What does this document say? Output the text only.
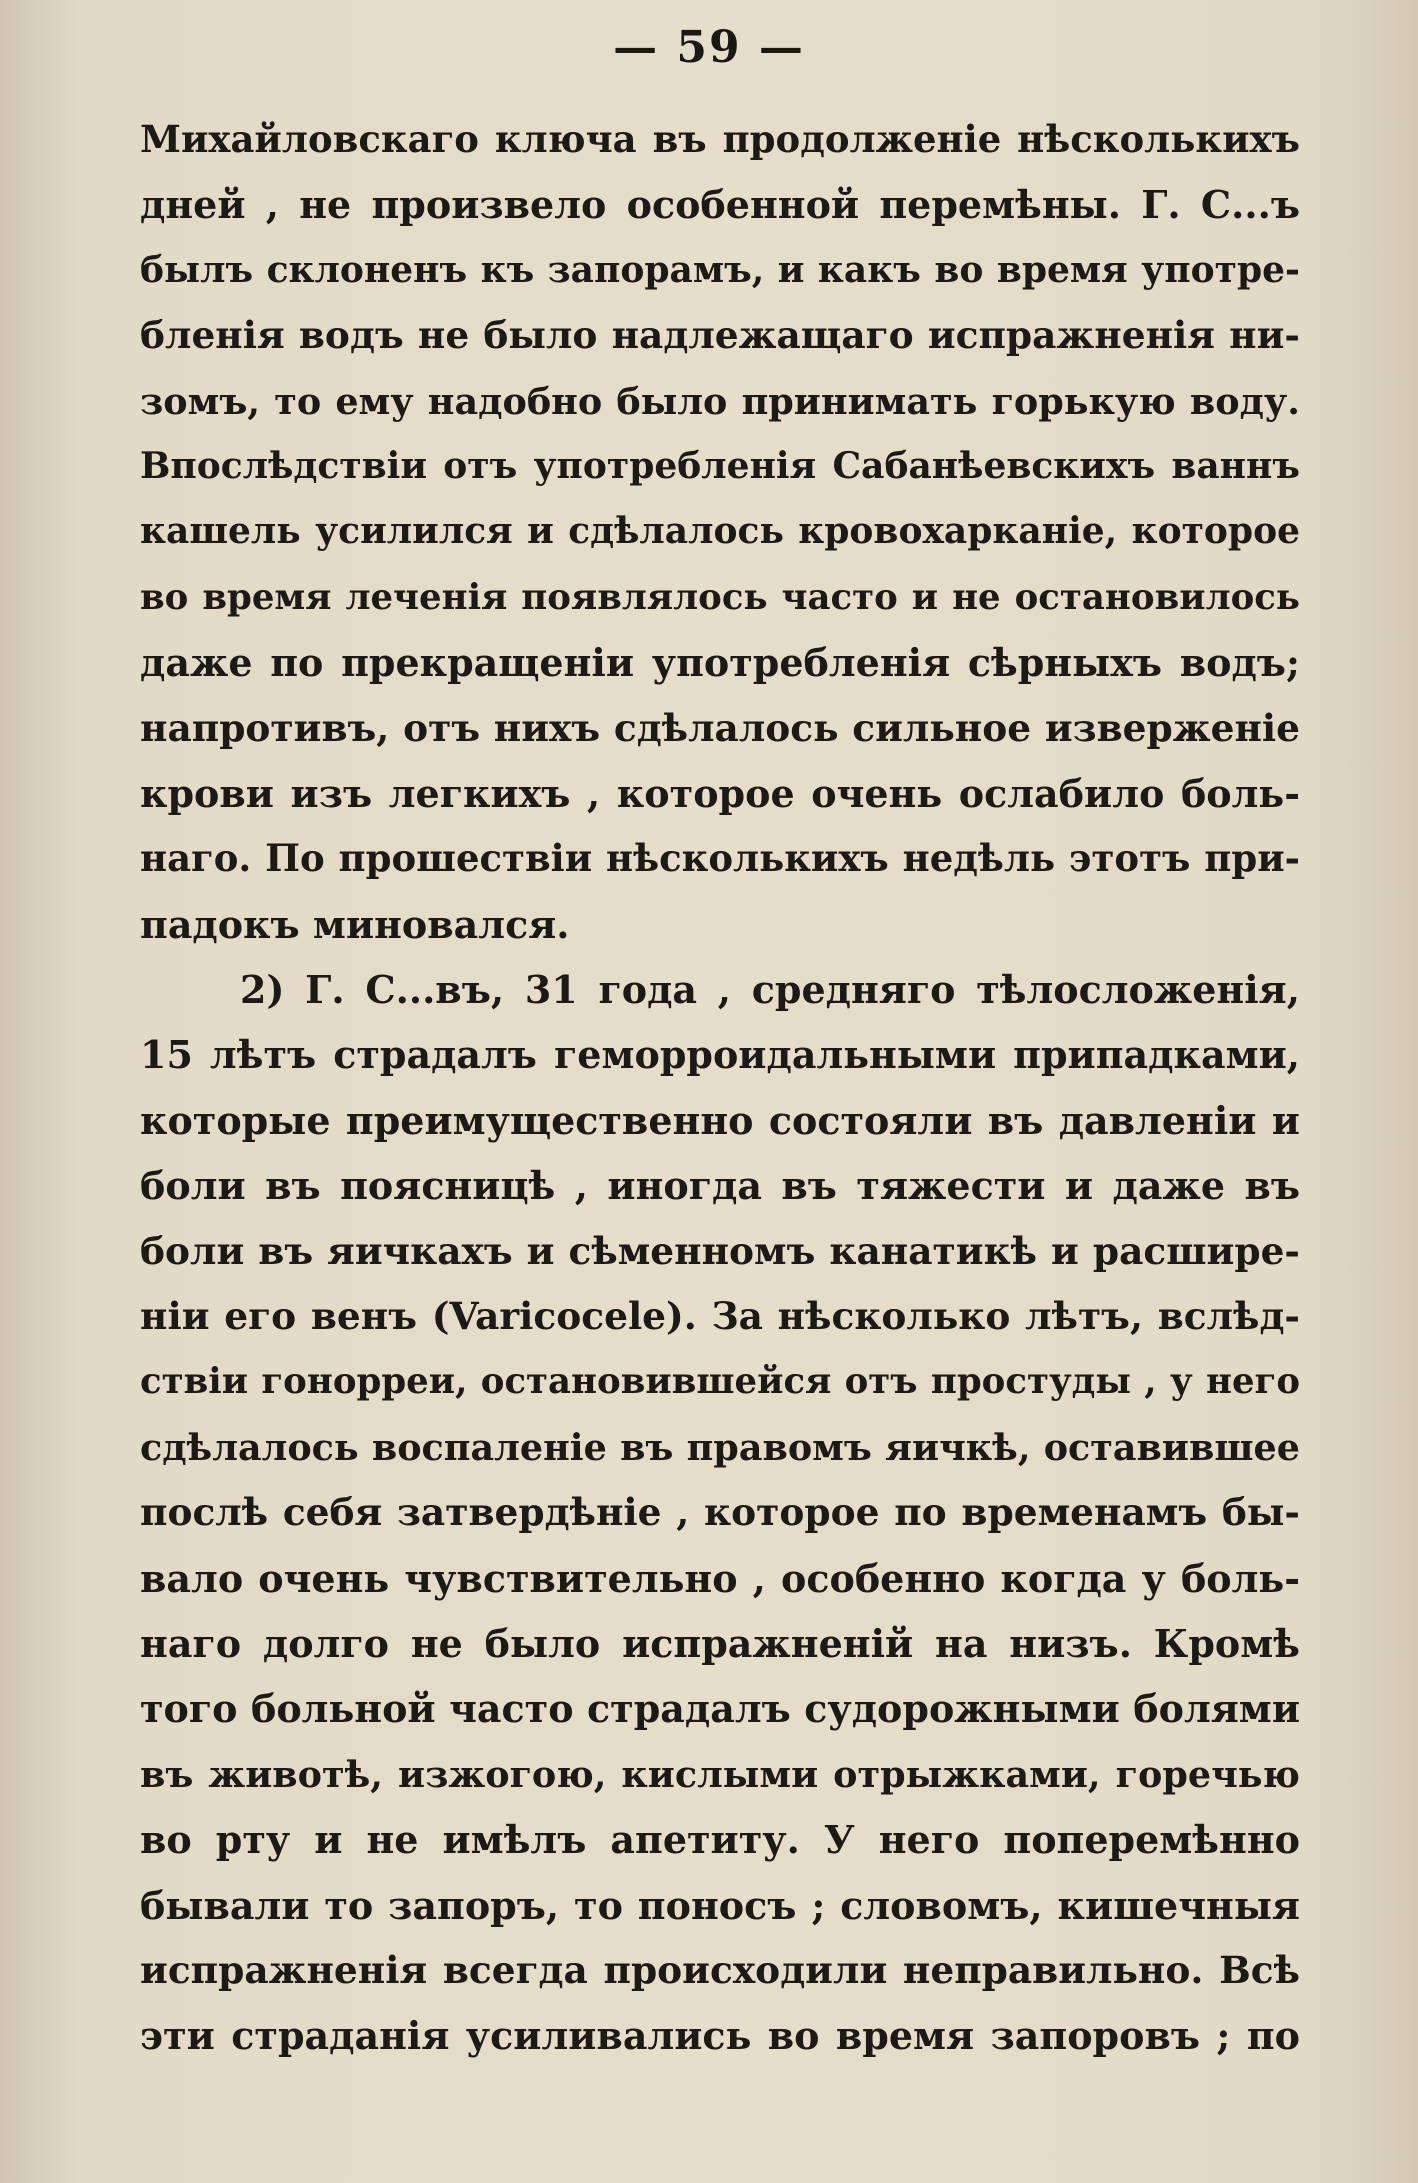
— 59 —
Михайловскаго ключа въ продолженіе нѣсколькихъ
дней , не произвело особенной перемѣны. Г. С...ъ
былъ склоненъ къ запорамъ, и какъ во время употре-
бленія водъ не было надлежащаго испражненія ни-
зомъ, то ему надобно было принимать горькую воду.
Впослѣдствіи отъ употребленія Сабанѣевскихъ ваннъ
кашель усилился и сдѣлалось кровохарканіе, которое
во время леченія появлялось часто и не остановилось
даже по прекращеніи употребленія сѣрныхъ водъ;
напротивъ, отъ нихъ сдѣлалось сильное изверженіе
крови изъ легкихъ , которое очень ослабило боль-
наго. По прошествіи нѣсколькихъ недѣль этотъ при-
падокъ миновался.
2) Г. С...въ, 31 года , средняго тѣлосложенія,
15 лѣтъ страдалъ геморроидальными припадками,
которые преимущественно состояли въ давленіи и
боли въ поясницѣ , иногда въ тяжести и даже въ
боли въ яичкахъ и сѣменномъ канатикѣ и расшире-
ніи его венъ (Varicocele). За нѣсколько лѣтъ, вслѣд-
ствіи гонорреи, остановившейся отъ простуды , у него
сдѣлалось воспаленіе въ правомъ яичкѣ, оставившее
послѣ себя затвердѣніе , которое по временамъ бы-
вало очень чувствительно , особенно когда у боль-
наго долго не было испражненій на низъ. Кромѣ
того больной часто страдалъ судорожными болями
въ животѣ, изжогою, кислыми отрыжками, горечью
во рту и не имѣлъ апетиту. У него поперемѣнно
бывали то запоръ, то поносъ ; словомъ, кишечныя
испражненія всегда происходили неправильно. Всѣ
эти страданія усиливались во время запоровъ ; по
